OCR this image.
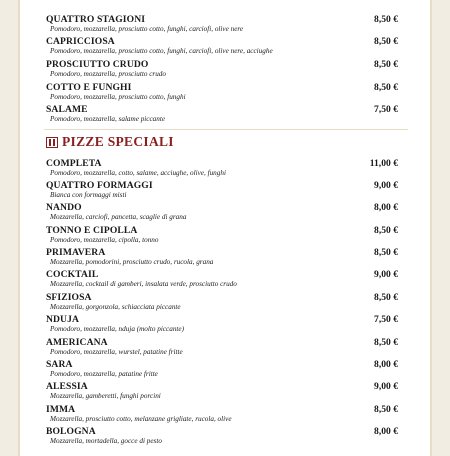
QUATTRO STAGIONI	8,50 €
Pomodoro, mozzarella, prosciutto cotto, funghi, carciofi, olive nere
CAPRICCIOSA	8,50 €
Pomodoro, mozzarella, prosciutto cotto, funghi, carciofi, olive nere, acciughe
PROSCIUTTO CRUDO	8,50 €
Pomodoro, mozzarella, prosciutto crudo
COTTO E FUNGHI	8,50 €
Pomodoro, mozzarella, prosciutto cotto, funghi
SALAME	7,50 €
Pomodoro, mozzarella, salame piccante
PIZZE SPECIALI
COMPLETA	11,00 €
Pomodoro, mozzarella, cotto, salame, acciughe, olive, funghi
QUATTRO FORMAGGI	9,00 €
Bianca con formaggi misti
NANDO	8,00 €
Mozzarella, carciofi, pancetta, scaglie di grana
TONNO E CIPOLLA	8,50 €
Pomodoro, mozzarella, cipolla, tonno
PRIMAVERA	8,50 €
Mozzarella, pomodorini, prosciutto crudo, rucola, grana
COCKTAIL	9,00 €
Mozzarella, cocktail di gamberi, insalata verde, prosciutto crudo
SFIZIOSA	8,50 €
Mozzarella, gorgonzola, schiacciata piccante
NDUJA	7,50 €
Pomodoro, mozzarella, nduja (molto piccante)
AMERICANA	8,50 €
Pomodoro, mozzarella, wurstel, patatine fritte
SARA	8,00 €
Pomodoro, mozzarella, patatine fritte
ALESSIA	9,00 €
Mozzarella, gamberetti, funghi porcini
IMMA	8,50 €
Mozzarella, prosciutto cotto, melanzane grigliate, rucola, olive
BOLOGNA	8,00 €
Mozzarella, mortadella, gocce di pesto
